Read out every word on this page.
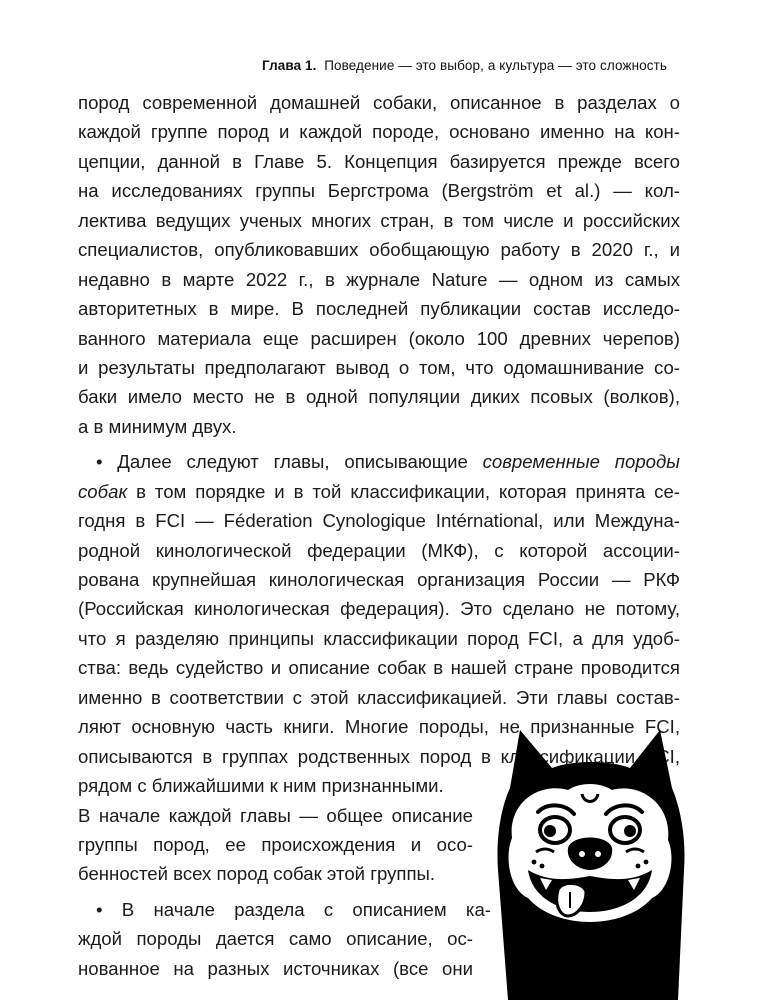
Глава 1. Поведение — это выбор, а культура — это сложность
пород современной домашней собаки, описанное в разделах о
каждой группе пород и каждой породе, основано именно на кон-
цепции, данной в Главе 5. Концепция базируется прежде всего
на исследованиях группы Бергстрома (Bergström et al.) — кол-
лектива ведущих ученых многих стран, в том числе и российских
специалистов, опубликовавших обобщающую работу в 2020 г., и
недавно в марте 2022 г., в журнале Nature — одном из самых
авторитетных в мире. В последней публикации состав исследо-
ванного материала еще расширен (около 100 древних черепов)
и результаты предполагают вывод о том, что одомашнивание со-
баки имело место не в одной популяции диких псовых (волков),
а в минимум двух.
• Далее следуют главы, описывающие современные породы
собак в том порядке и в той классификации, которая принята се-
годня в FCI — Féderation Cynologique Intérnational, или Междуна-
родной кинологической федерации (МКФ), с которой ассоции-
рована крупнейшая кинологическая организация России — РКФ
(Российская кинологическая федерация). Это сделано не потому,
что я разделяю принципы классификации пород FCI, а для удоб-
ства: ведь судейство и описание собак в нашей стране проводится
именно в соответствии с этой классификацией. Эти главы состав-
ляют основную часть книги. Многие породы, не признанные FCI,
описываются в группах родственных пород в классификации FCI,
рядом с ближайшими к ним признанными.
В начале каждой главы — общее описание
группы пород, ее происхождения и осо-
бенностей всех пород собак этой группы.
• В начале раздела с описанием ка-
ждой породы дается само описание, ос-
нованное на разных источниках (все они
